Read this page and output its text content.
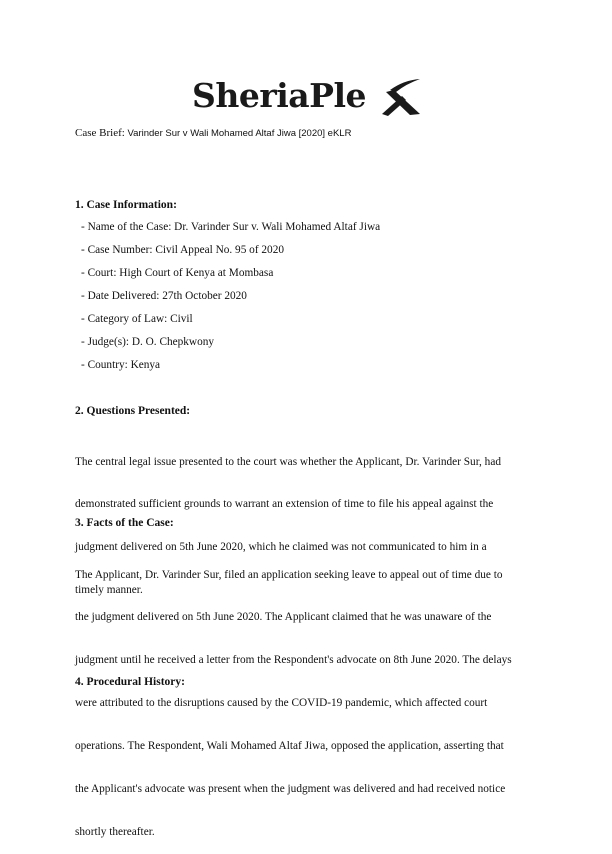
SheriaPle
Case Brief: Varinder Sur v Wali Mohamed Altaf Jiwa [2020] eKLR
1. Case Information:
- Name of the Case: Dr. Varinder Sur v. Wali Mohamed Altaf Jiwa
- Case Number: Civil Appeal No. 95 of 2020
- Court: High Court of Kenya at Mombasa
- Date Delivered: 27th October 2020
- Category of Law: Civil
- Judge(s): D. O. Chepkwony
- Country: Kenya
2. Questions Presented:

The central legal issue presented to the court was whether the Applicant, Dr. Varinder Sur, had

demonstrated sufficient grounds to warrant an extension of time to file his appeal against the

judgment delivered on 5th June 2020, which he claimed was not communicated to him in a

timely manner.

3. Facts of the Case:

The Applicant, Dr. Varinder Sur, filed an application seeking leave to appeal out of time due to

the judgment delivered on 5th June 2020. The Applicant claimed that he was unaware of the

judgment until he received a letter from the Respondent's advocate on 8th June 2020. The delays

were attributed to the disruptions caused by the COVID-19 pandemic, which affected court

operations. The Respondent, Wali Mohamed Altaf Jiwa, opposed the application, asserting that

the Applicant's advocate was present when the judgment was delivered and had received notice

shortly thereafter.

4. Procedural History:
